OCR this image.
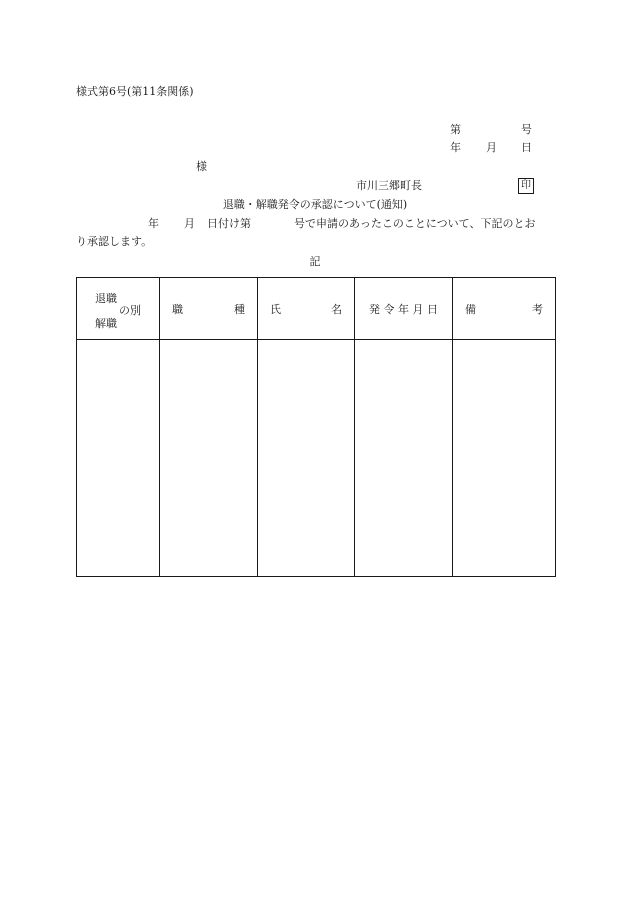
様式第6号(第11条関係)
第	号
年 月 日
様
市川三郷町長	印
退職・解職発令の承認について(通知)
年 月 日付け第	号で申請のあったこのことについて、下記のとお
り承認します。
記
退職
の別
解職	職 種	氏 名	発 令 年 月 日	備 考
